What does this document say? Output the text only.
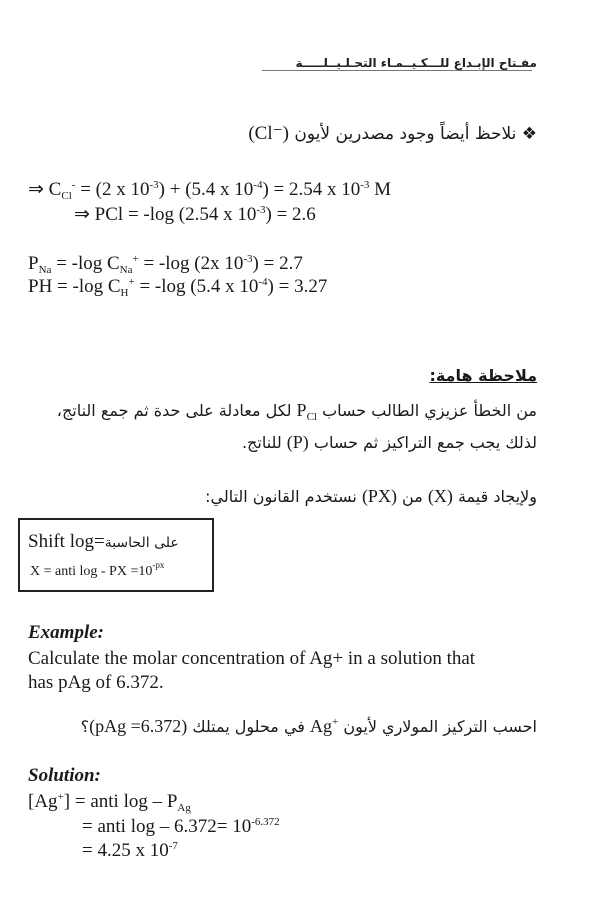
مفـتاح الإبـداع للـــكـيــمـاء التحـلـيــلـــــة
❖ نلاحظ أيضاً وجود مصدرين لأيون (Cl⁻)
⇒ $C_{Cl}^- = (2$ x $10^{-3}) + (5.4$ x $10^{-4}) = 2.54$ x $10^{-3}$ M
⇒ PCl = -log (2.54 x $10^{-3}) = 2.6$
$P_{Na} = -\log$ $C_{Na}^+ = -\log$ (2x $10^{-3}) = 2.7$
PH = -log $C_H^+ = -\log$ (5.4 x $10^{-4}) = 3.27$
ملاحظة هامة:
من الخطأ عزيزي الطالب حساب $P_{Cl}$ لكل معادلة على حدة ثم جمع الناتج،
لذلك يجب جمع التراكيز ثم حساب (P) للناتج.
ولإيجاد قيمة (X) من (PX) نستخدم القانون التالي:
Shift log=على الحاسبة
X = anti log - PX $=10^{-px}$
Example:
Calculate the molar concentration of Ag+ in a solution that
has pAg of 6.372.
احسب التركيز المولاري لأيون Ag+ في محلول يمتلك (pAg =6.372)؟
Solution:
[Ag+] = anti log – $P_{Ag}$
= anti $\log - 6.372= 10^{-6.372}$
= 4.25 x $10^{-7}$
